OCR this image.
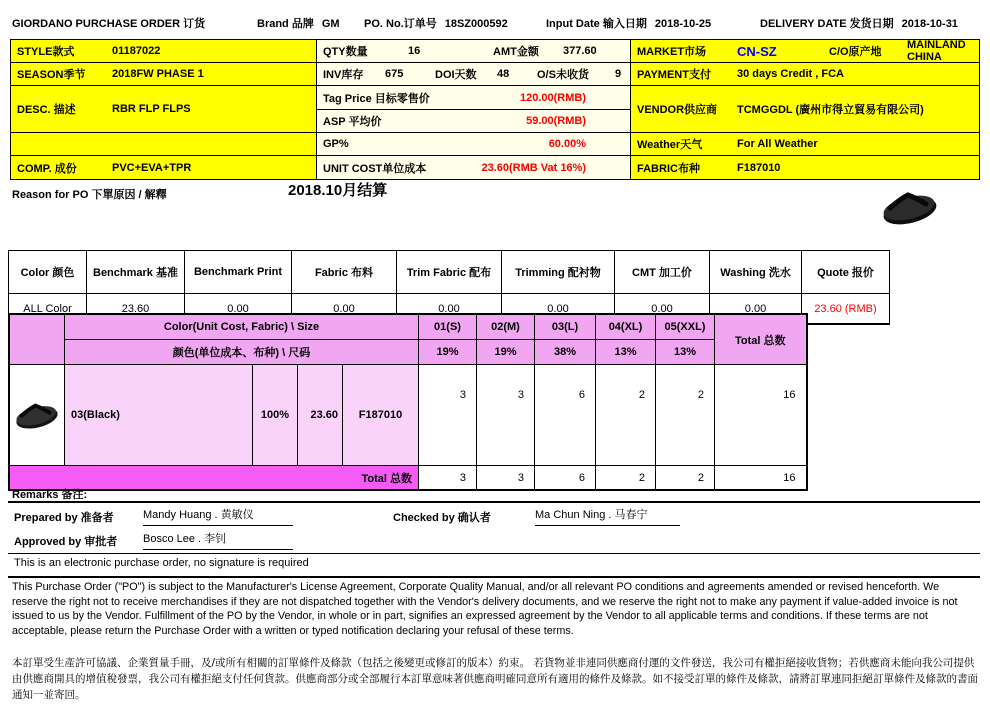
GIORDANO PURCHASE ORDER 订货	Brand 品牌 GM PO. No.订单号 18SZ000592	Input Date 输入日期 2018-10-25	DELIVERY DATE 发货日期 2018-10-31
STYLE款式	01187022
SEASON季节	2018FW PHASE 1
DESC. 描述	RBR FLP FLPS
COMP. 成份	PVC+EVA+TPR
QTY数量	16	AMT金额	377.60
INV库存	675	DOI天数	48	O/S未收货	9
Tag Price 目标零售价	120.00(RMB)
ASP 平均价	59.00(RMB)
GP%	60.00%
UNIT COST单位成本	23.60(RMB Vat 16%)
MARKET市场	CN-SZ	C/O原产地
MAINLAND CHINA
PAYMENT支付	30 days Credit , FCA
VENDOR供应商	TCMGGDL (廣州市得立貿易有限公司)
Weather天气	For All Weather
FABRIC布种	F187010
Reason for PO 下單原因 / 解釋	2018.10月结算
Color 颜色	Benchmark 基准	Benchmark Print	Fabric 布料	Trim Fabric 配布	Trimming 配衬物	CMT 加工价	Washing 洗水	Quote 报价
ALL Color	23.60	0.00	0.00	0.00	0.00	0.00	0.00	23.60 (RMB)
	Color(Unit Cost, Fabric) \ Size				01(S)	02(M)	03(L)	04(XL)	05(XXL)	Total 总数
	颜色(单位成本、布种) \ 尺码				19%	19%	38%	13%	13%	

	03(Black)	100%	23.60	F187010	3	3	6	2	2	16
Total 总数					3	3	6	2	2	16
Remarks 备注:
Prepared by 准备者	Mandy Huang . 黄敏仪	Checked by 确认者	Ma Chun Ning . 马春宁
Approved by 审批者 Bosco Lee . 李钊
This is an electronic purchase order, no signature is required
This Purchase Order ("PO") is subject to the Manufacturer's License Agreement, Corporate Quality Manual, and/or all relevant PO conditions and agreements amended or revised henceforth. We reserve the right not to receive merchandises if they are not dispatched together with the Vendor's delivery documents, and we reserve the right not to make any payment if value-added invoice is not issued to us by the Vendor. Fulfillment of the PO by the Vendor, in whole or in part, signifies an expressed agreement by the Vendor to all applicable terms and conditions. If these terms are not acceptable, please return the Purchase Order with a written or typed notification declaring your refusal of these terms.
本訂單受生產許可協議、企業質量手冊，及/或所有相關的訂單條件及條款（包括之後變更或修訂的版本）約束。 若貨物並非連同供應商付運的文件發送，我公司有權拒絕接收貨物；若供應商未能向我公司提供由供應商開具的增值稅發票，我公司有權拒絕支付任何貨款。供應商部分或全部履行本訂單意味著供應商明確同意所有適用的條件及條款。如不接受訂單的條件及條款，請將訂單連同拒絕訂單條件及條款的書面通知一並寄回。
